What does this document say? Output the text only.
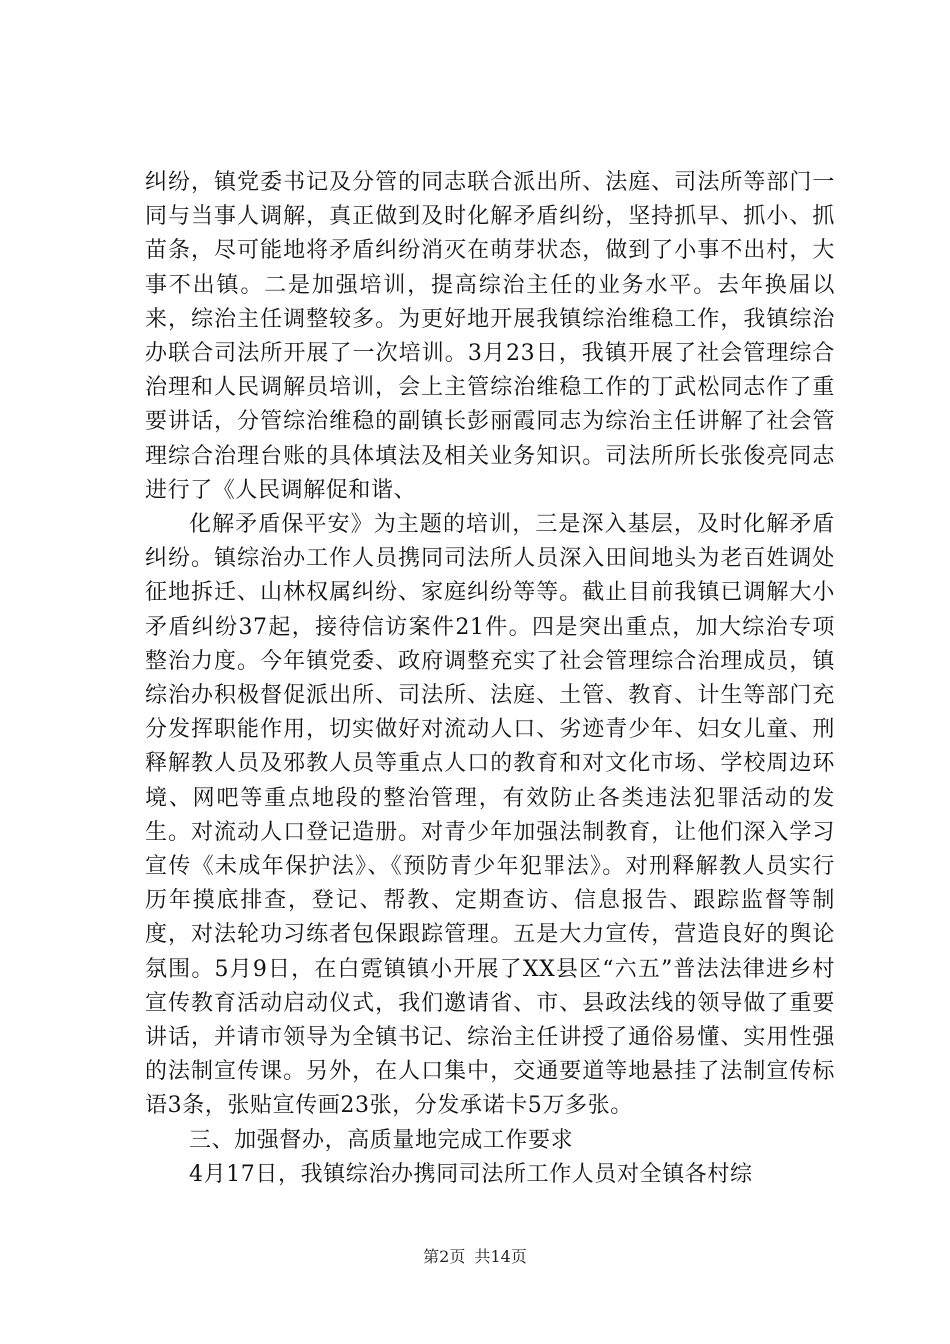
纠纷，镇党委书记及分管的同志联合派出所、法庭、司法所等部门一同与当事人调解，真正做到及时化解矛盾纠纷，坚持抓早、抓小、抓苗条，尽可能地将矛盾纠纷消灭在萌芽状态，做到了小事不出村，大事不出镇。二是加强培训，提高综治主任的业务水平。去年换届以来，综治主任调整较多。为更好地开展我镇综治维稳工作，我镇综治办联合司法所开展了一次培训。3月23日，我镇开展了社会管理综合治理和人民调解员培训，会上主管综治维稳工作的丁武松同志作了重要讲话，分管综治维稳的副镇长彭丽霞同志为综治主任讲解了社会管理综合治理台账的具体填法及相关业务知识。司法所所长张俊亮同志进行了《人民调解促和谐、

化解矛盾保平安》为主题的培训，三是深入基层，及时化解矛盾纠纷。镇综治办工作人员携同司法所人员深入田间地头为老百姓调处征地拆迁、山林权属纠纷、家庭纠纷等等。截止目前我镇已调解大小矛盾纠纷37起，接待信访案件21件。四是突出重点，加大综治专项整治力度。今年镇党委、政府调整充实了社会管理综合治理成员，镇综治办积极督促派出所、司法所、法庭、土管、教育、计生等部门充分发挥职能作用，切实做好对流动人口、劣迹青少年、妇女儿童、刑释解教人员及邪教人员等重点人口的教育和对文化市场、学校周边环境、网吧等重点地段的整治管理，有效防止各类违法犯罪活动的发生。对流动人口登记造册。对青少年加强法制教育，让他们深入学习宣传《未成年保护法》、《预防青少年犯罪法》。对刑释解教人员实行历年摸底排查，登记、帮教、定期查访、信息报告、跟踪监督等制度，对法轮功习练者包保跟踪管理。五是大力宣传，营造良好的舆论氛围。5月9日，在白霓镇镇小开展了XX县区“六五”普法法律进乡村宣传教育活动启动仪式，我们邀请省、市、县政法线的领导做了重要讲话，并请市领导为全镇书记、综治主任讲授了通俗易懂、实用性强的法制宣传课。另外，在人口集中，交通要道等地悬挂了法制宣传标语3条，张贴宣传画23张，分发承诺卡5万多张。

三、加强督办，高质量地完成工作要求

4月17日，我镇综治办携同司法所工作人员对全镇各村综

第2页 共14页
